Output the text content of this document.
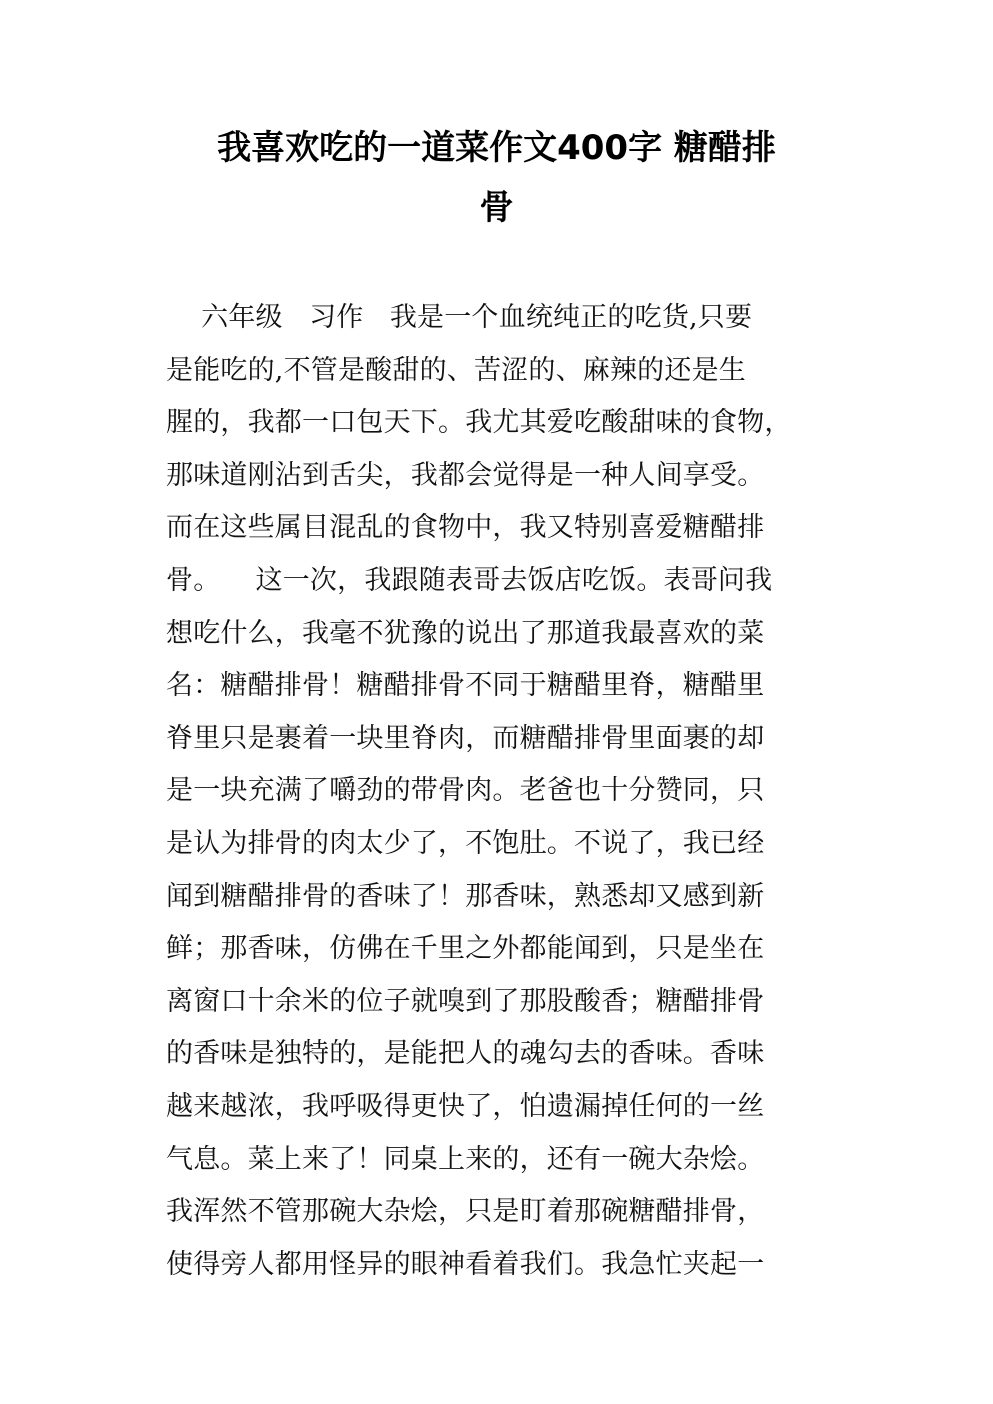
我喜欢吃的一道菜作文400字 糖醋排
骨
六年级   习作   我是一个血统纯正的吃货,只要
是能吃的,不管是酸甜的、苦涩的、麻辣的还是生
腥的，我都一口包天下。我尤其爱吃酸甜味的食物，
那味道刚沾到舌尖，我都会觉得是一种人间享受。
而在这些属目混乱的食物中，我又特别喜爱糖醋排
骨。    这一次，我跟随表哥去饭店吃饭。表哥问我
想吃什么，我毫不犹豫的说出了那道我最喜欢的菜
名：糖醋排骨！糖醋排骨不同于糖醋里脊，糖醋里
脊里只是裹着一块里脊肉，而糖醋排骨里面裹的却
是一块充满了嚼劲的带骨肉。老爸也十分赞同，只
是认为排骨的肉太少了，不饱肚。不说了，我已经
闻到糖醋排骨的香味了！那香味，熟悉却又感到新
鲜；那香味，仿佛在千里之外都能闻到，只是坐在
离窗口十余米的位子就嗅到了那股酸香；糖醋排骨
的香味是独特的，是能把人的魂勾去的香味。香味
越来越浓，我呼吸得更快了，怕遗漏掉任何的一丝
气息。菜上来了！同桌上来的，还有一碗大杂烩。
我浑然不管那碗大杂烩，只是盯着那碗糖醋排骨，
使得旁人都用怪异的眼神看着我们。我急忙夹起一
